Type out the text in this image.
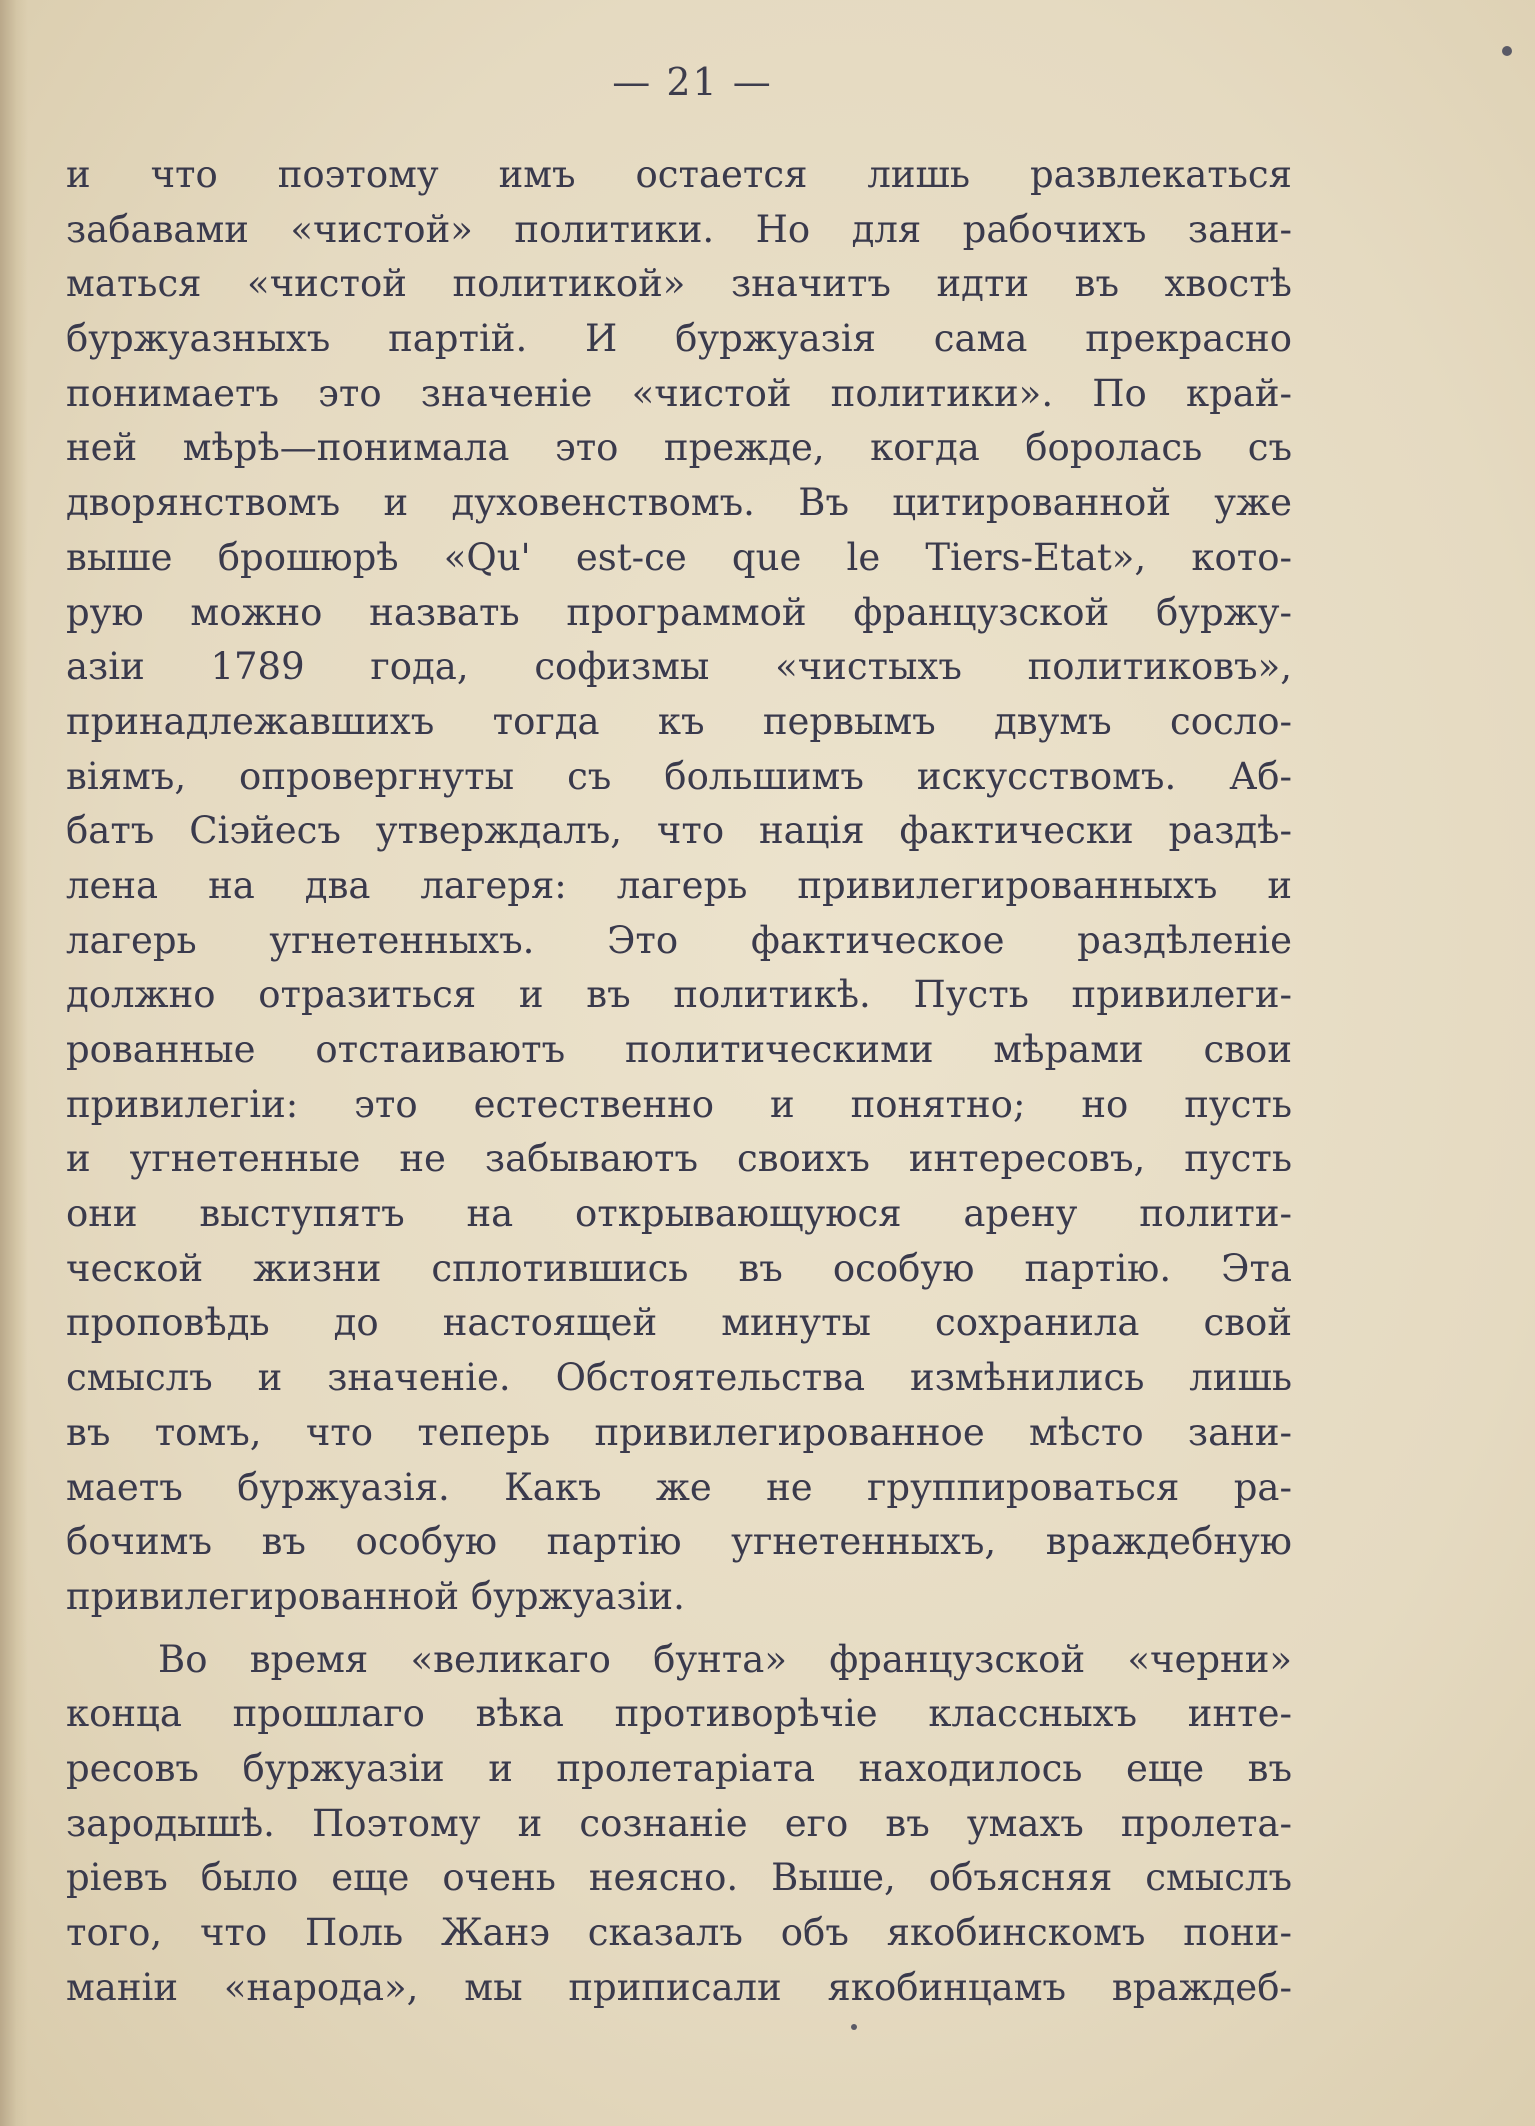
— 21 —
и что поэтому имъ остается лишь развлекаться
забавами «чистой» политики. Но для рабочихъ зани-
маться «чистой политикой» значитъ идти въ хвостѣ
буржуазныхъ партій. И буржуазія сама прекрасно
понимаетъ это значеніе «чистой политики». По край-
ней мѣрѣ—понимала это прежде, когда боролась съ
дворянствомъ и духовенствомъ. Въ цитированной уже
выше брошюрѣ «Qu' est-ce que le Tiers-Etat», кото-
рую можно назвать программой французской буржу-
азіи 1789 года, софизмы «чистыхъ политиковъ»,
принадлежавшихъ тогда къ первымъ двумъ сосло-
віямъ, опровергнуты съ большимъ искусствомъ. Аб-
батъ Сіэйесъ утверждалъ, что нація фактически раздѣ-
лена на два лагеря: лагерь привилегированныхъ и
лагерь угнетенныхъ. Это фактическое раздѣленіе
должно отразиться и въ политикѣ. Пусть привилеги-
рованные отстаиваютъ политическими мѣрами свои
привилегіи: это естественно и понятно; но пусть
и угнетенные не забываютъ своихъ интересовъ, пусть
они выступятъ на открывающуюся арену полити-
ческой жизни сплотившись въ особую партію. Эта
проповѣдь до настоящей минуты сохранила свой
смыслъ и значеніе. Обстоятельства измѣнились лишь
въ томъ, что теперь привилегированное мѣсто зани-
маетъ буржуазія. Какъ же не группироваться ра-
бочимъ въ особую партію угнетенныхъ, враждебную
привилегированной буржуазіи.
Во время «великаго бунта» французской «черни»
конца прошлаго вѣка противорѣчіе классныхъ инте-
ресовъ буржуазіи и пролетаріата находилось еще въ
зародышѣ. Поэтому и сознаніе его въ умахъ пролета-
ріевъ было еще очень неясно. Выше, объясняя смыслъ
того, что Поль Жанэ сказалъ объ якобинскомъ пони-
маніи «народа», мы приписали якобинцамъ враждеб-
